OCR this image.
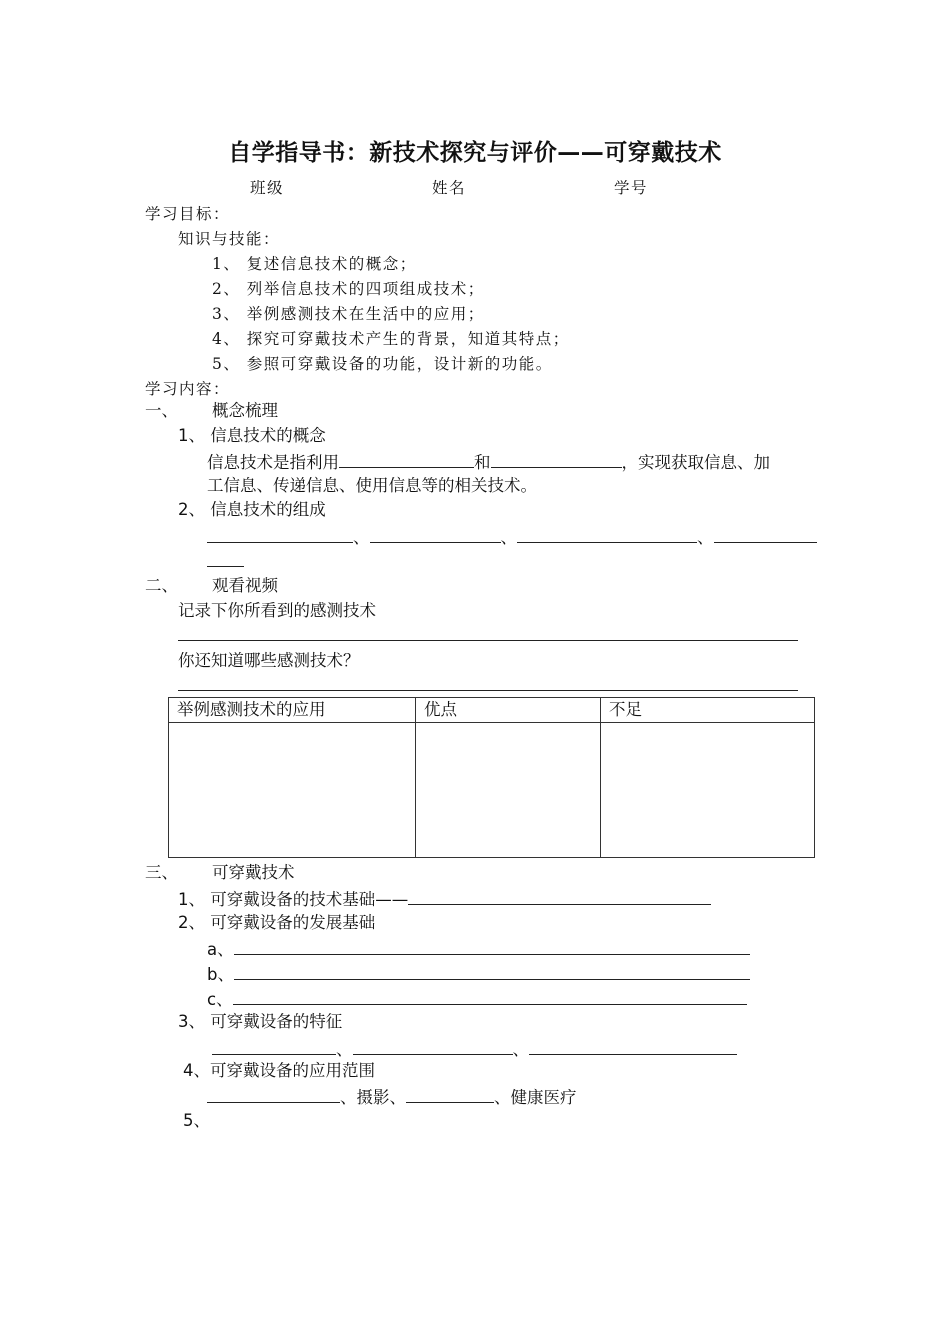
自学指导书：新技术探究与评价——可穿戴技术
班级	姓名	学号
学习目标：
知识与技能：
1、 复述信息技术的概念；
2、 列举信息技术的四项组成技术；
3、 举例感测技术在生活中的应用；
4、 探究可穿戴技术产生的背景，知道其特点；
5、 参照可穿戴设备的功能，设计新的功能。
学习内容：
一、 概念梳理
1、 信息技术的概念
信息技术是指利用	和	，实现获取信息、加
工信息、传递信息、使用信息等的相关技术。
2、 信息技术的组成
、	、	、
二、 观看视频
记录下你所看到的感测技术
你还知道哪些感测技术？
举例感测技术的应用	优点	不足

三、 可穿戴技术
1、 可穿戴设备的技术基础——
2、 可穿戴设备的发展基础
a、
b、
c、
3、 可穿戴设备的特征
、	、
4、可穿戴设备的应用范围
、摄影、	、健康医疗
5、
